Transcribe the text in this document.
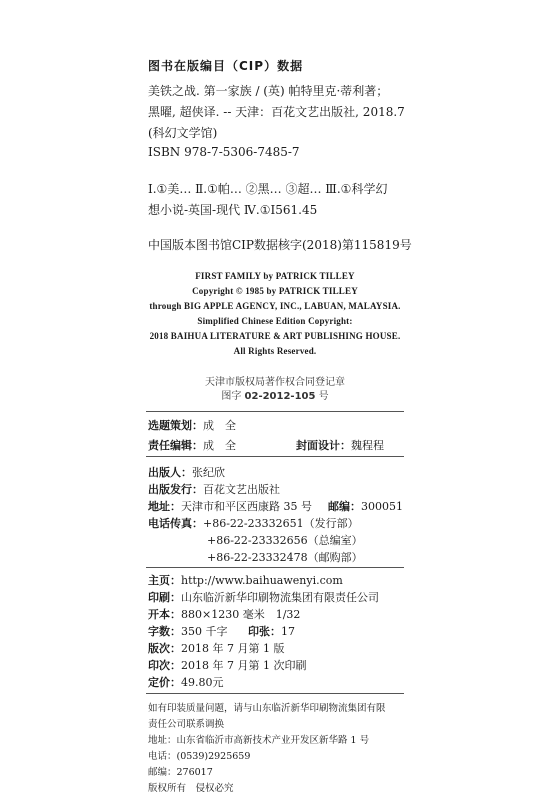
图书在版编目（CIP）数据
美铁之战. 第一家族 / (英) 帕特里克·蒂利著；
黑曜, 超侠译. -- 天津：百花文艺出版社, 2018.7
(科幻文学馆)
ISBN 978-7-5306-7485-7
Ⅰ.①美… Ⅱ.①帕… ②黑… ③超… Ⅲ.①科学幻
想小说-英国-现代 Ⅳ.①I561.45
中国版本图书馆CIP数据核字(2018)第115819号
FIRST FAMILY by PATRICK TILLEY
Copyright © 1985 by PATRICK TILLEY
through BIG APPLE AGENCY, INC., LABUAN, MALAYSIA.
Simplified Chinese Edition Copyright:
2018 BAIHUA LITERATURE & ART PUBLISHING HOUSE.
All Rights Reserved.
天津市版权局著作权合同登记章
图字 02-2012-105 号
选题策划：成　全
责任编辑：成　全	封面设计：魏程程
出版人：张纪欣
出版发行：百花文艺出版社
地址：天津市和平区西康路 35 号 邮编：300051
电话传真：+86-22-23332651（发行部）
+86-22-23332656（总编室）
+86-22-23332478（邮购部）
主页：http://www.baihuawenyi.com
印刷：山东临沂新华印刷物流集团有限责任公司
开本：880×1230 毫米　1/32
字数：350 千字 印张：17
版次：2018 年 7 月第 1 版
印次：2018 年 7 月第 1 次印刷
定价：49.80元
如有印装质量问题，请与山东临沂新华印刷物流集团有限
责任公司联系调换
地址：山东省临沂市高新技术产业开发区新华路 1 号
电话：(0539)2925659
邮编：276017
版权所有　侵权必究
